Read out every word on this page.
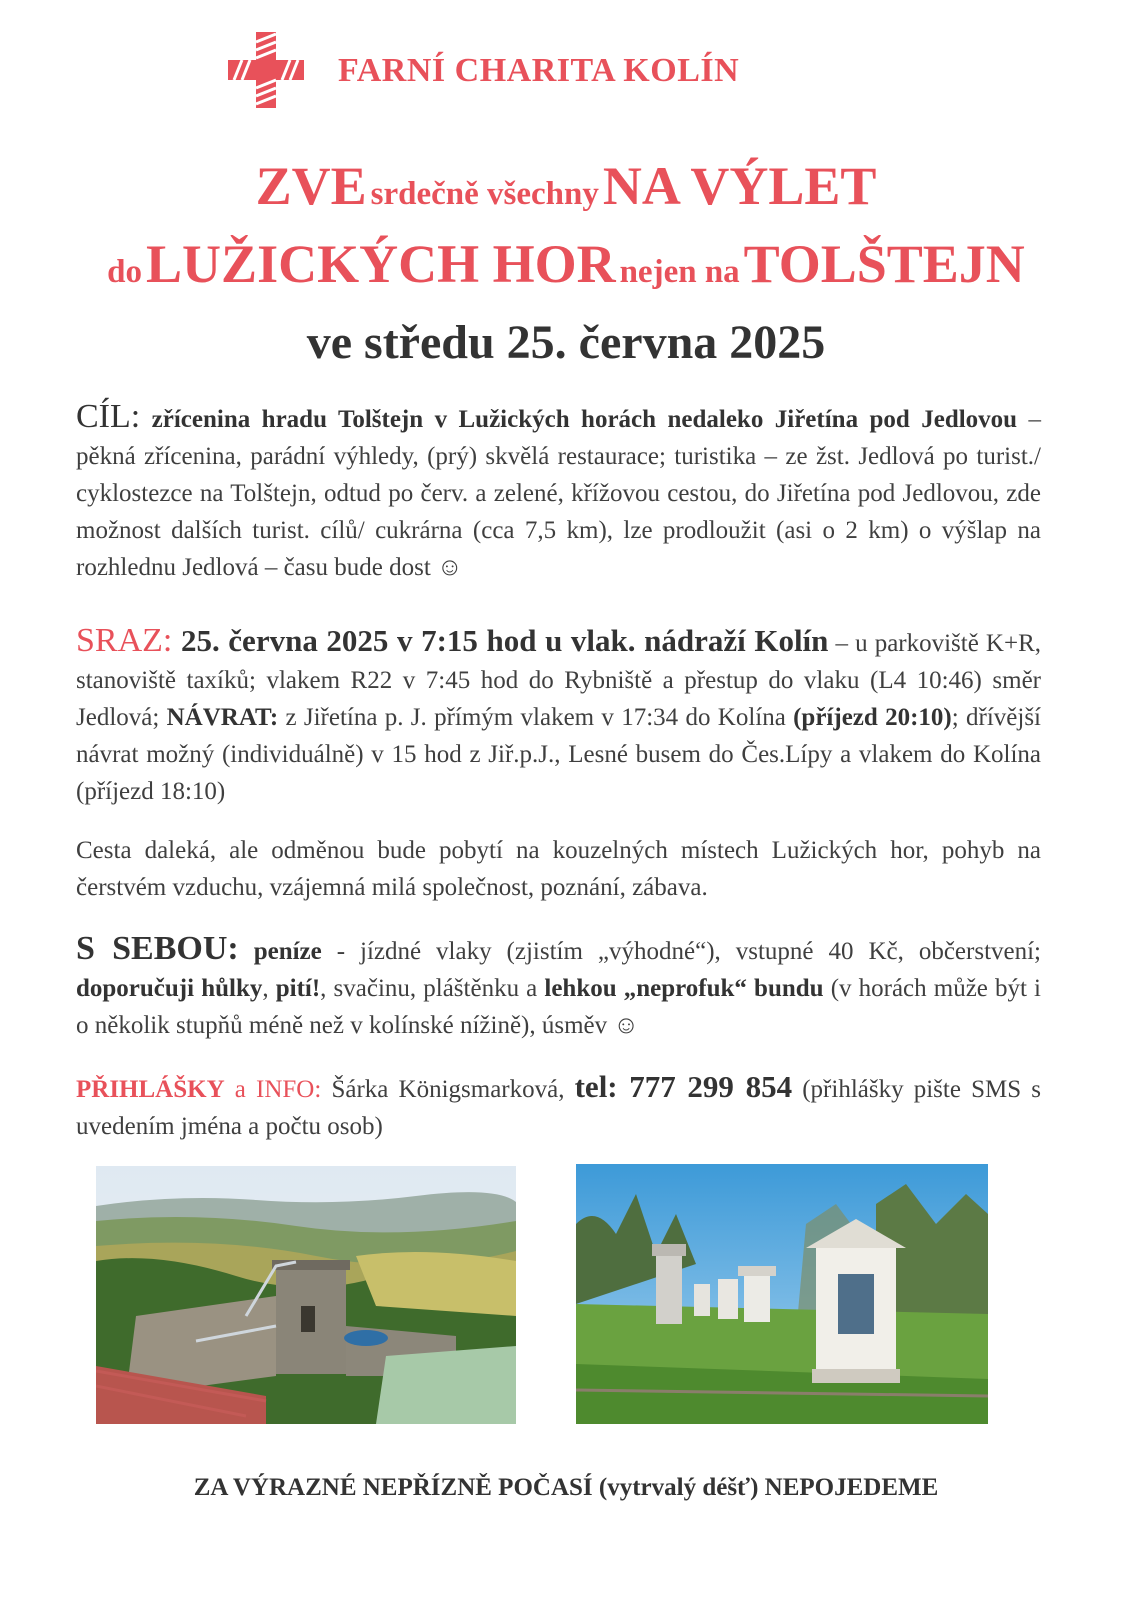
FARNÍ CHARITA KOLÍN
ZVE srdečně všechny NA VÝLET
do LUŽICKÝCH HOR nejen na TOLŠTEJN
ve středu 25. června 2025
CÍL: zřícenina hradu Tolštejn v Lužických horách nedaleko Jiřetína pod Jedlovou – pěkná zřícenina, parádní výhledy, (prý) skvělá restaurace; turistika – ze žst. Jedlová po turist./ cyklostezce na Tolštejn, odtud po červ. a zelené, křížovou cestou, do Jiřetína pod Jedlovou, zde možnost dalších turist. cílů/ cukrárna (cca 7,5 km), lze prodloužit (asi o 2 km) o výšlap na rozhlednu Jedlová – času bude dost ☺
SRAZ: 25. června 2025 v 7:15 hod u vlak. nádraží Kolín – u parkoviště K+R, stanoviště taxíků; vlakem R22 v 7:45 hod do Rybniště a přestup do vlaku (L4 10:46) směr Jedlová; NÁVRAT: z Jiřetína p. J. přímým vlakem v 17:34 do Kolína (příjezd 20:10); dřívější návrat možný (individuálně) v 15 hod z Jiř.p.J., Lesné busem do Čes.Lípy a vlakem do Kolína (příjezd 18:10)
Cesta daleká, ale odměnou bude pobytí na kouzelných místech Lužických hor, pohyb na čerstvém vzduchu, vzájemná milá společnost, poznání, zábava.
S SEBOU: peníze - jízdné vlaky (zjistím „výhodné“), vstupné 40 Kč, občerstvení; doporučuji hůlky, pití!, svačinu, pláštěnku a lehkou „neprofuk“ bundu (v horách může být i o několik stupňů méně než v kolínské nížině), úsměv ☺
PŘIHLÁŠKY a INFO: Šárka Königsmarková, tel: 777 299 854 (přihlášky pište SMS s uvedením jména a počtu osob)
ZA VÝRAZNÉ NEPŘÍZNĚ POČASÍ (vytrvalý déšť) NEPOJEDEME
